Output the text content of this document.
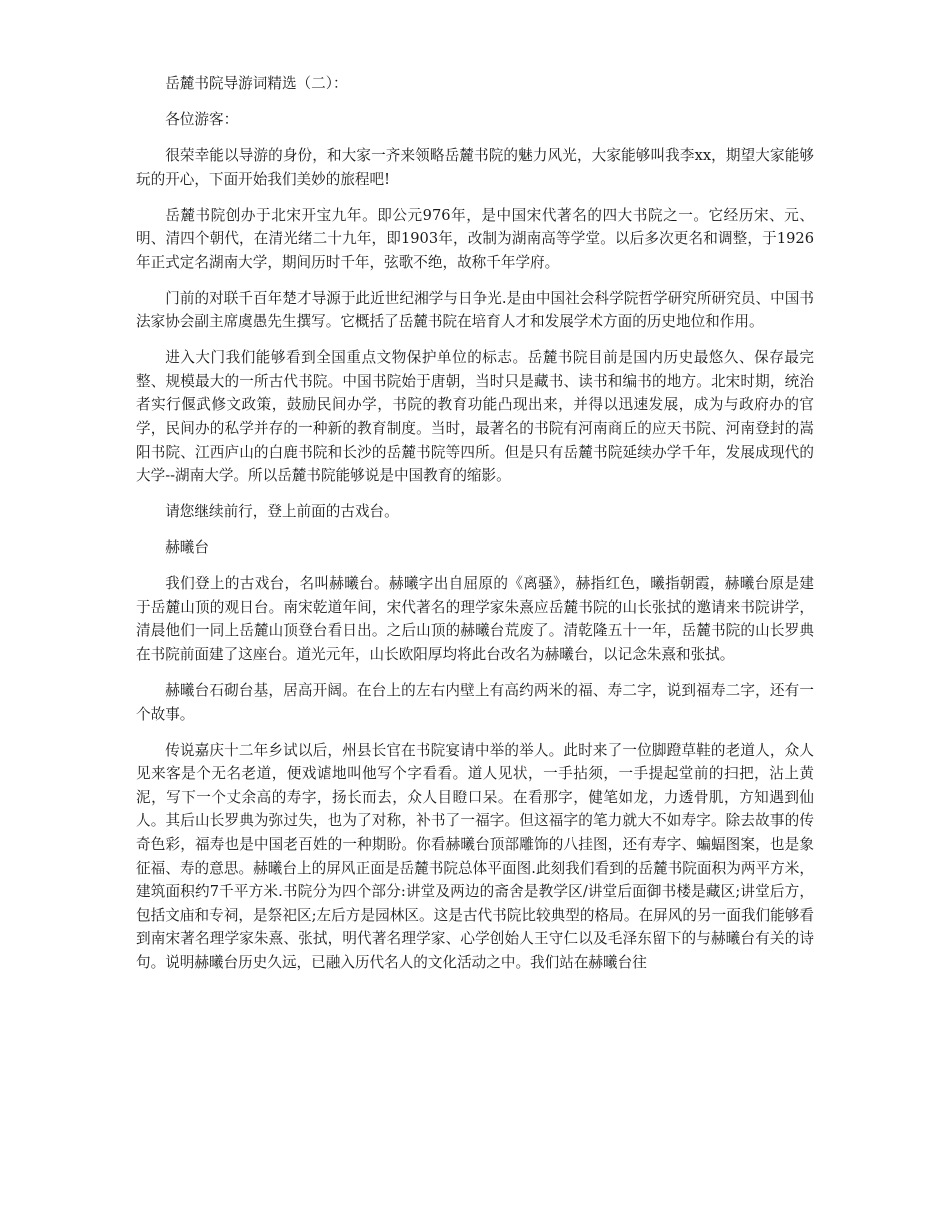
岳麓书院导游词精选（二）：

各位游客：

很荣幸能以导游的身份，和大家一齐来领略岳麓书院的魅力风光，大家能够叫我李xx，期望大家能够玩的开心，下面开始我们美妙的旅程吧!

岳麓书院创办于北宋开宝九年。即公元976年，是中国宋代著名的四大书院之一。它经历宋、元、明、清四个朝代，在清光绪二十九年，即1903年，改制为湖南高等学堂。以后多次更名和调整，于1926年正式定名湖南大学，期间历时千年，弦歌不绝，故称千年学府。

门前的对联千百年楚才导源于此近世纪湘学与日争光.是由中国社会科学院哲学研究所研究员、中国书法家协会副主席虞愚先生撰写。它概括了岳麓书院在培育人才和发展学术方面的历史地位和作用。

进入大门我们能够看到全国重点文物保护单位的标志。岳麓书院目前是国内历史最悠久、保存最完整、规模最大的一所古代书院。中国书院始于唐朝，当时只是藏书、读书和编书的地方。北宋时期，统治者实行偃武修文政策，鼓励民间办学，书院的教育功能凸现出来，并得以迅速发展，成为与政府办的官学，民间办的私学并存的一种新的教育制度。当时，最著名的书院有河南商丘的应天书院、河南登封的嵩阳书院、江西庐山的白鹿书院和长沙的岳麓书院等四所。但是只有岳麓书院延续办学千年，发展成现代的大学--湖南大学。所以岳麓书院能够说是中国教育的缩影。

请您继续前行，登上前面的古戏台。

赫曦台

我们登上的古戏台，名叫赫曦台。赫曦字出自屈原的《离骚》，赫指红色，曦指朝霞，赫曦台原是建于岳麓山顶的观日台。南宋乾道年间，宋代著名的理学家朱熹应岳麓书院的山长张拭的邀请来书院讲学，清晨他们一同上岳麓山顶登台看日出。之后山顶的赫曦台荒废了。清乾隆五十一年，岳麓书院的山长罗典在书院前面建了这座台。道光元年，山长欧阳厚均将此台改名为赫曦台，以记念朱熹和张拭。

赫曦台石砌台基，居高开阔。在台上的左右内壁上有高约两米的福、寿二字，说到福寿二字，还有一个故事。

传说嘉庆十二年乡试以后，州县长官在书院宴请中举的举人。此时来了一位脚蹬草鞋的老道人，众人见来客是个无名老道，便戏谑地叫他写个字看看。道人见状，一手拈须，一手提起堂前的扫把，沾上黄泥，写下一个丈余高的寿字，扬长而去，众人目瞪口呆。在看那字，健笔如龙，力透骨肌，方知遇到仙人。其后山长罗典为弥过失，也为了对称，补书了一福字。但这福字的笔力就大不如寿字。除去故事的传奇色彩，福寿也是中国老百姓的一种期盼。你看赫曦台顶部雕饰的八挂图，还有寿字、蝙蝠图案，也是象征福、寿的意思。赫曦台上的屏风正面是岳麓书院总体平面图.此刻我们看到的岳麓书院面积为两平方米，建筑面积约7千平方米.书院分为四个部分:讲堂及两边的斋舍是教学区/讲堂后面御书楼是藏区;讲堂后方，包括文庙和专祠，是祭祀区;左后方是园林区。这是古代书院比较典型的格局。在屏风的另一面我们能够看到南宋著名理学家朱熹、张拭，明代著名理学家、心学创始人王守仁以及毛泽东留下的与赫曦台有关的诗句。说明赫曦台历史久远，已融入历代名人的文化活动之中。我们站在赫曦台往
